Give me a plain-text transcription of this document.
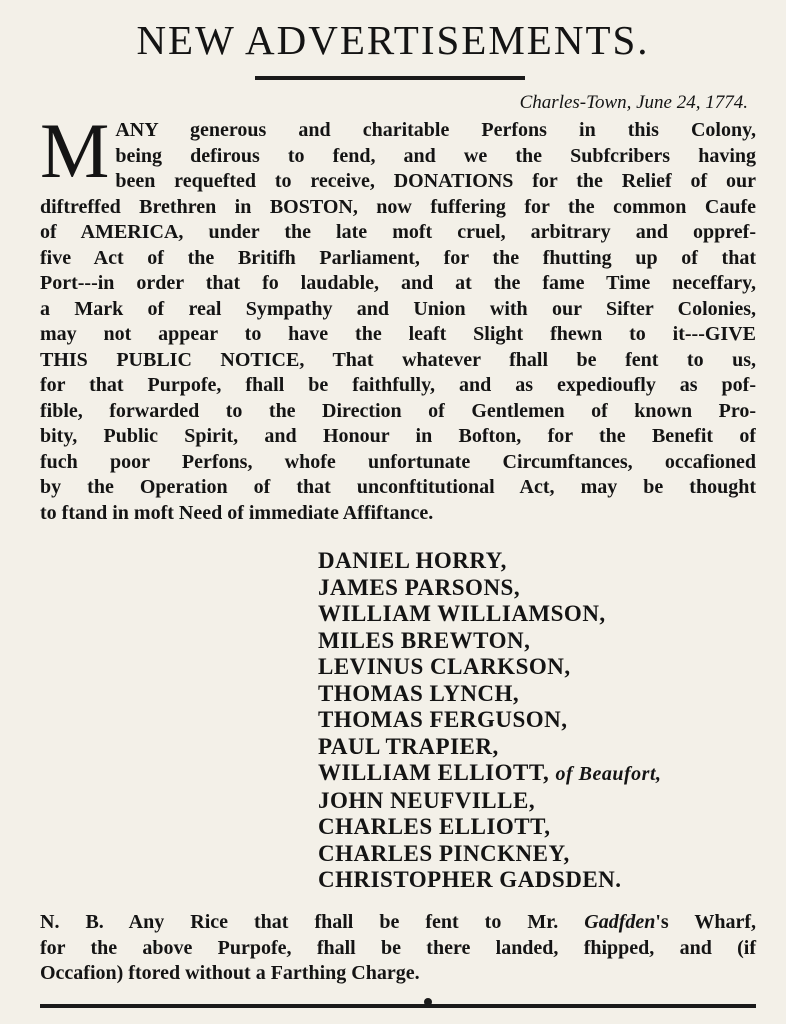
NEW ADVERTISEMENTS.
Charles-Town, June 24, 1774.
M ANY generous and charitable Perfons in this Colony,
being defirous to fend, and we the Subfcribers having
been requefted to receive, DONATIONS for the Relief of our
diftreffed Brethren in BOSTON, now fuffering for the common Caufe
of AMERICA, under the late moft cruel, arbitrary and oppref-
five Act of the Britifh Parliament, for the fhutting up of that
Port---in order that fo laudable, and at the fame Time neceffary,
a Mark of real Sympathy and Union with our Sifter Colonies,
may not appear to have the leaft Slight fhewn to it---GIVE
THIS PUBLIC NOTICE, That whatever fhall be fent to us,
for that Purpofe, fhall be faithfully, and as expedioufly as pof-
fible, forwarded to the Direction of Gentlemen of known Pro-
bity, Public Spirit, and Honour in Bofton, for the Benefit of
fuch poor Perfons, whofe unfortunate Circumftances, occafioned
by the Operation of that unconftitutional Act, may be thought
to ftand in moft Need of immediate Affiftance.
DANIEL HORRY,
JAMES PARSONS,
WILLIAM WILLIAMSON,
MILES BREWTON,
LEVINUS CLARKSON,
THOMAS LYNCH,
THOMAS FERGUSON,
PAUL TRAPIER,
WILLIAM ELLIOTT, of Beaufort,
JOHN NEUFVILLE,
CHARLES ELLIOTT,
CHARLES PINCKNEY,
CHRISTOPHER GADSDEN.
N. B. Any Rice that fhall be fent to Mr. Gadfden's Wharf,
for the above Purpofe, fhall be there landed, fhipped, and (if
Occafion) ftored without a Farthing Charge.
